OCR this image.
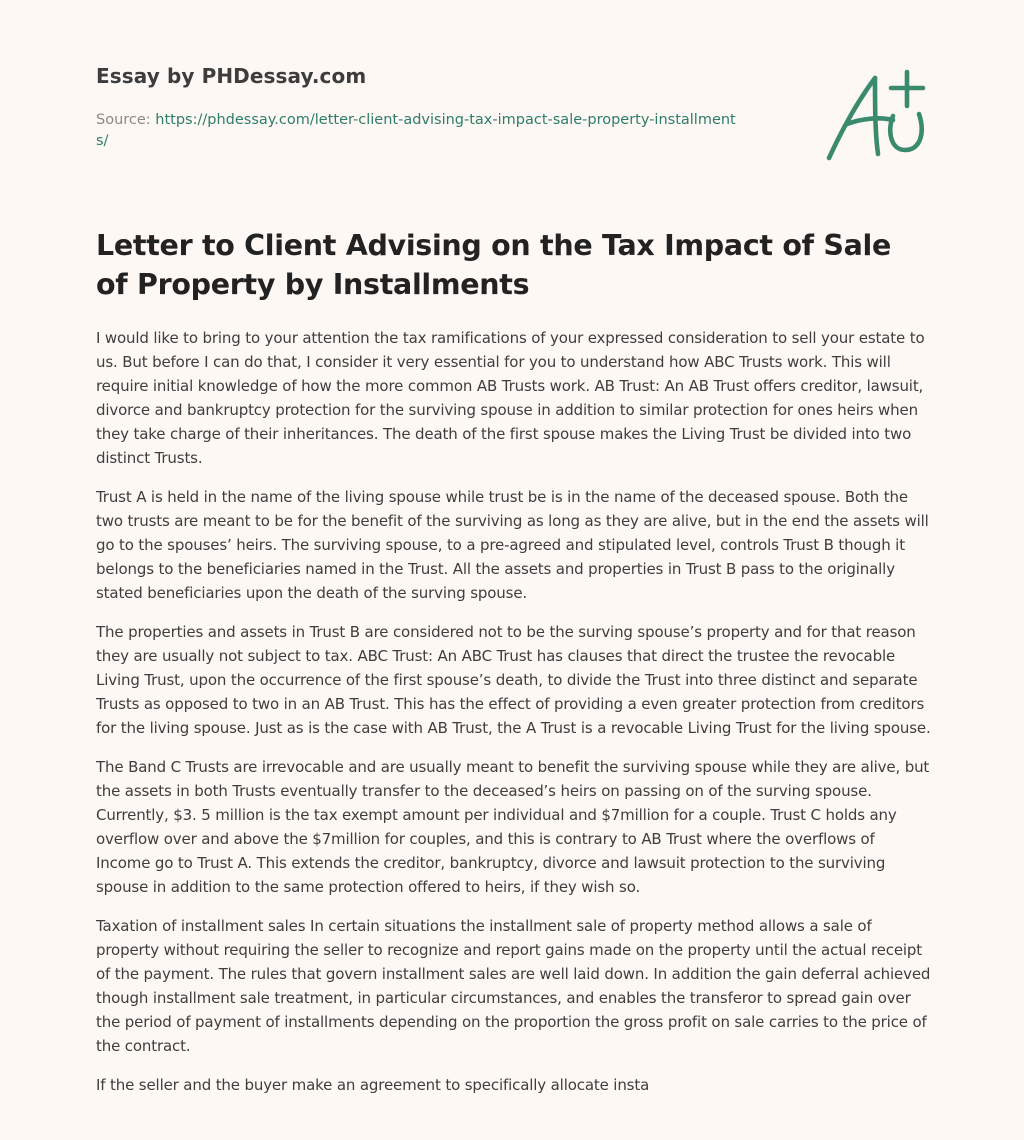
Essay by PHDessay.com
Source: https://phdessay.com/letter-client-advising-tax-impact-sale-property-installments/
Letter to Client Advising on the Tax Impact of Sale of Property by Installments

I would like to bring to your attention the tax ramifications of your expressed consideration to sell your estate to us. But before I can do that, I consider it very essential for you to understand how ABC Trusts work. This will require initial knowledge of how the more common AB Trusts work. AB Trust: An AB Trust offers creditor, lawsuit, divorce and bankruptcy protection for the surviving spouse in addition to similar protection for ones heirs when they take charge of their inheritances. The death of the first spouse makes the Living Trust be divided into two distinct Trusts.

Trust A is held in the name of the living spouse while trust be is in the name of the deceased spouse. Both the two trusts are meant to be for the benefit of the surviving as long as they are alive, but in the end the assets will go to the spouses’ heirs. The surviving spouse, to a pre-agreed and stipulated level, controls Trust B though it belongs to the beneficiaries named in the Trust. All the assets and properties in Trust B pass to the originally stated beneficiaries upon the death of the surving spouse.

The properties and assets in Trust B are considered not to be the surving spouse’s property and for that reason they are usually not subject to tax. ABC Trust: An ABC Trust has clauses that direct the trustee the revocable Living Trust, upon the occurrence of the first spouse’s death, to divide the Trust into three distinct and separate Trusts as opposed to two in an AB Trust. This has the effect of providing a even greater protection from creditors for the living spouse. Just as is the case with AB Trust, the A Trust is a revocable Living Trust for the living spouse.

The Band C Trusts are irrevocable and are usually meant to benefit the surviving spouse while they are alive, but the assets in both Trusts eventually transfer to the deceased’s heirs on passing on of the surving spouse. Currently, $3. 5 million is the tax exempt amount per individual and $7million for a couple. Trust C holds any overflow over and above the $7million for couples, and this is contrary to AB Trust where the overflows of Income go to Trust A. This extends the creditor, bankruptcy, divorce and lawsuit protection to the surviving spouse in addition to the same protection offered to heirs, if they wish so.

Taxation of installment sales In certain situations the installment sale of property method allows a sale of property without requiring the seller to recognize and report gains made on the property until the actual receipt of the payment. The rules that govern installment sales are well laid down. In addition the gain deferral achieved though installment sale treatment, in particular circumstances, and enables the transferor to spread gain over the period of payment of installments depending on the proportion the gross profit on sale carries to the price of the contract.

If the seller and the buyer make an agreement to specifically allocate insta
